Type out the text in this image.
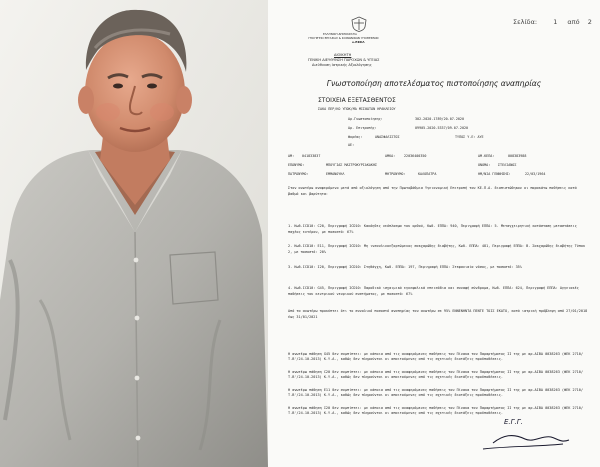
Σελίδα: 1 από 2
ΕΛΛΗΝΙΚΗ ΔΗΜΟΚΡΑΤΙΑ
ΥΠΟΥΡΓΕΙΟ ΕΡΓΑΣΙΑΣ & ΚΟΙΝΩΝΙΚΩΝ ΥΠΟΘΕΣΕΩΝ
e-ΕΦΚΑ
ΔΙΟΙΚΗΤΗ
ΓΕΝΙΚΗ ΔΙΕΥΘΥΝΣΗ ΠΑΡΟΧΩΝ & ΥΓΕΙΑΣ
Διεύθυνση Ιατρικής Αξιολόγησης
Γνωστοποίηση αποτελέσματος πιστοποίησης αναπηρίας
ΣΤΟΙΧΕΙΑ ΕΞΕΤΑΣΘΕΝΤΟΣ
ΣΑΚΑ ΠΕΡ/ΚΟ ΥΠΟΚ/ΜΑ ΜΙΣΘΩΤΩΝ ΗΡΑΚΛΕΙΟΥ
Αρ.Γνωστοποίησης:	302-2020-1789/20.07.2020
Αρ. Επιτροπής:	09905-2020-5337/09.07.2020
Φορέας:	ΑΝΑΣΦΑΛΙΣΤΟΣ	ΤΥΠΟΣ Υ.Ε: ΑΥΕ
ΑΕ:
ΑΜ: 041833837	ΑΜΚΑ:	22036400350	ΑΜ.ΚΕΠΑ:	008383988
ΕΠΩΝΥΜΟ:	ΜΠΟΥΓΙΑΣ ΜΑΣΤΡΟΚΥΡΙΑΚΑΚΗΣ	ΟΝΟΜΑ: ΣΤΕΛΙΑΝΟΣ
ΠΑΤΡΩΝΥΜΟ:	ΕΜΜΑΝΟΥΗΛ	ΜΗΤΡΩΝΥΜΟ:	ΚΑΛΟΠΑΤΡΑ	ΗΜ/ΝΙΑ ΓΕΝΝΗΣΗΣ:	22/03/1964
Στον ανωτέρω αναφερόμενο μετά από αξιολόγηση από την Πρωτοβάθμια Υγειονομική Επιτροπή του ΚΕ.Π.Α. διαπιστώθηκαν οι παρακάτω παθήσεις κατά βαθμό και βαρύτητα:
1. Κωδ.ICD10: C20, Περιγραφή ICD10: Κακόηθες νεόπλασμα του ορθού, Κωδ. ΕΠΠΑ: 940, Περιγραφή ΕΠΠΑ: 5. Μεταγχειρητική κατάσταση μεταστάσεις παχέος εντέρου, με ποσοστό: 67%
2. Κωδ.ICD10: E11, Περιγραφή ICD10: Μη ινσουλινοεξαρτώμενος σακχαρώδης διαβήτης, Κωδ. ΕΠΠΑ: 481, Περιγραφή ΕΠΠΑ: Β. Σακχαρώδης διαβήτης Τύπου 2, με ποσοστό: 20%
3. Κωδ.ICD10: I20, Περιγραφή ICD10: Στηθάγχη, Κωδ. ΕΠΠΑ: 197, Περιγραφή ΕΠΠΑ: Στεφανιαία νόσος, με ποσοστό: 35%
4. Κωδ.ICD10: G45, Περιγραφή ICD10: Παροδικά ισχαιμικά εγκεφαλικά επεισόδια και συναφή σύνδρομα, Κωδ. ΕΠΠΑ: 624, Περιγραφή ΕΠΠΑ: Αγγειακές παθήσεις του κεντρικού νευρικού συστήματος, με ποσοστό: 67%
Από τα ανωτέρω προκύπτει ότι το συνολικό ποσοστό αναπηρίας του ανωτέρω σε 95% ΕΝΝΕΝΗΝΤΑ ΠΕΝΤΕ ΤΟΙΣ ΕΚΑΤΟ, κατά ιατρική πρόβλεψη από 27/01/2018 έως 31/01/2021
Η ανωτέρω πάθηση G45 δεν συμπίπτει: με κάποια από τις αναφερόμενες παθήσεις του Πίνακα του Παραρτήματος ΙΙ της με αρ.ΔΙΒΑ 0038263 (ΦΕΚ 2710/Τ.Β'/24-10-2013) Κ.Υ.Α., καθώς δεν πληρούνται οι απαιτούμενες από τις σχετικές διατάξεις προϋποθέσεις.
Η ανωτέρω πάθηση C20 δεν συμπίπτει: με κάποια από τις αναφερόμενες παθήσεις του Πίνακα του Παραρτήματος ΙΙ της με αρ.ΔΙΒΑ 0038263 (ΦΕΚ 2710/Τ.Β'/24-10-2013) Κ.Υ.Α., καθώς δεν πληρούνται οι απαιτούμενες από τις σχετικές διατάξεις προϋποθέσεις.
Η ανωτέρω πάθηση Ε11 δεν συμπίπτει: με κάποια από τις αναφερόμενες παθήσεις του Πίνακα του Παραρτήματος ΙΙ της με αρ.ΔΙΒΑ 0038263 (ΦΕΚ 2710/Τ.Β'/24-10-2013) Κ.Υ.Α., καθώς δεν πληρούνται οι απαιτούμενες από τις σχετικές διατάξεις προϋποθέσεις.
Η ανωτέρω πάθηση I20 δεν συμπίπτει: με κάποια από τις αναφερόμενες παθήσεις του Πίνακα του Παραρτήματος ΙΙ της με αρ.ΔΙΒΑ 0038263 (ΦΕΚ 2710/Τ.Β'/24-10-2013) Κ.Υ.Α., καθώς δεν πληρούνται οι απαιτούμενες από τις σχετικές διατάξεις προϋποθέσεις.
Ε.Γ.Γ.
